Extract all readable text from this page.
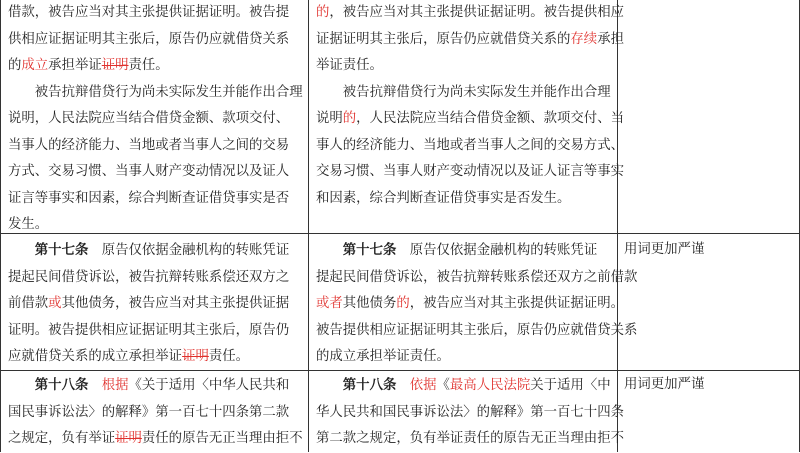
借款，被告应当对其主张提供证据证明。被告提
供相应证据证明其主张后，原告仍应就借贷关系
的成立承担举证证明责任。

被告抗辩借贷行为尚未实际发生并能作出合理
说明，人民法院应当结合借贷金额、款项交付、
当事人的经济能力、当地或者当事人之间的交易
方式、交易习惯、当事人财产变动情况以及证人
证言等事实和因素，综合判断查证借贷事实是否
发生。

的，被告应当对其主张提供证据证明。被告提供相应
证据证明其主张后，原告仍应就借贷关系的存续承担
举证责任。

被告抗辩借贷行为尚未实际发生并能作出合理
说明的，人民法院应当结合借贷金额、款项交付、当
事人的经济能力、当地或者当事人之间的交易方式、
交易习惯、当事人财产变动情况以及证人证言等事实
和因素，综合判断查证借贷事实是否发生。

第十七条　原告仅依据金融机构的转账凭证
提起民间借贷诉讼，被告抗辩转账系偿还双方之
前借款或其他债务，被告应当对其主张提供证据
证明。被告提供相应证据证明其主张后，原告仍
应就借贷关系的成立承担举证证明责任。

第十七条　原告仅依据金融机构的转账凭证
提起民间借贷诉讼，被告抗辩转账系偿还双方之前借款
或者其他债务的，被告应当对其主张提供证据证明。
被告提供相应证据证明其主张后，原告仍应就借贷关系
的成立承担举证责任。

用词更加严谨

第十八条　 根据《关于适用〈中华人民共和
国民事诉讼法〉的解释》第一百七十四条第二款
之规定，负有举证证明责任的原告无正当理由拒不

第十八条　 依据《最高人民法院关于适用〈中
华人民共和国民事诉讼法〉的解释》第一百七十四条
第二款之规定，负有举证责任的原告无正当理由拒不

用词更加严谨
